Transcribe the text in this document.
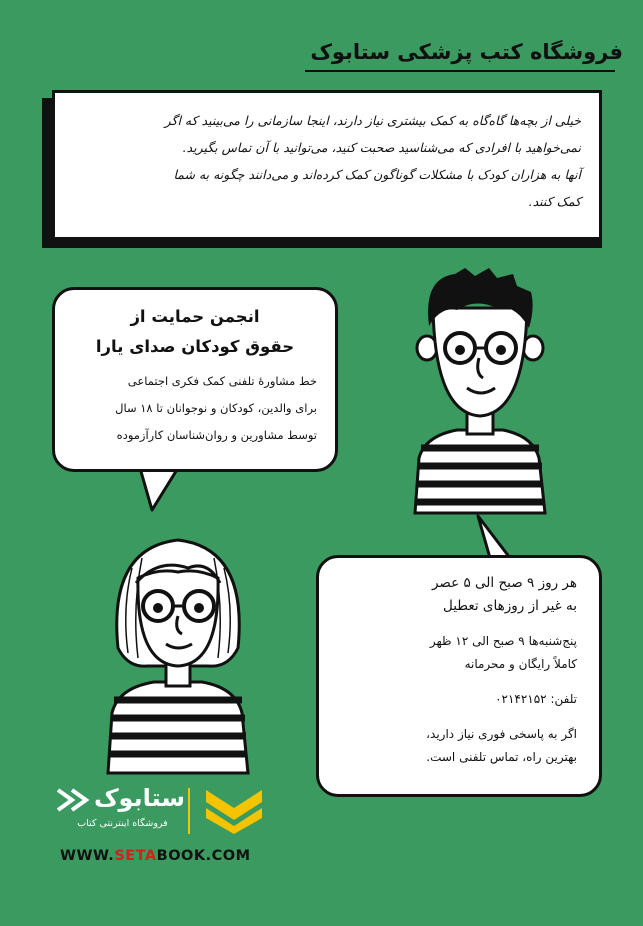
فروشگاه کتب پزشکی ستابوک
خیلی از بچه‌ها گاه‌گاه به کمک بیشتری نیاز دارند، اینجا سازمانی را می‌بینید که اگر
نمی‌خواهید با افرادی که می‌شناسید صحبت کنید، می‌توانید با آن تماس بگیرید.
آنها به هزاران کودک با مشکلات گوناگون کمک کرده‌اند و می‌دانند چگونه به شما
کمک کنند.
انجمن حمایت از
حقوق کودکان صدای یارا
خط مشاورهٔ تلفنی کمک فکری اجتماعی
برای والدین، کودکان و نوجوانان تا ۱۸ سال
توسط مشاورین و روان‌شناسان کارآزموده
هر روز ۹ صبح الی ۵ عصر
به غیر از روزهای تعطیل
پنج‌شنبه‌ها ۹ صبح الی ۱۲ ظهر
کاملاً رایگان و محرمانه
تلفن: ۰۲۱۴۲۱۵۲
اگر به پاسخی فوری نیاز دارید،
بهترین راه، تماس تلفنی است.
ستابوک
فروشگاه اینترنتی کتاب
WWW.SETABOOK.COM
